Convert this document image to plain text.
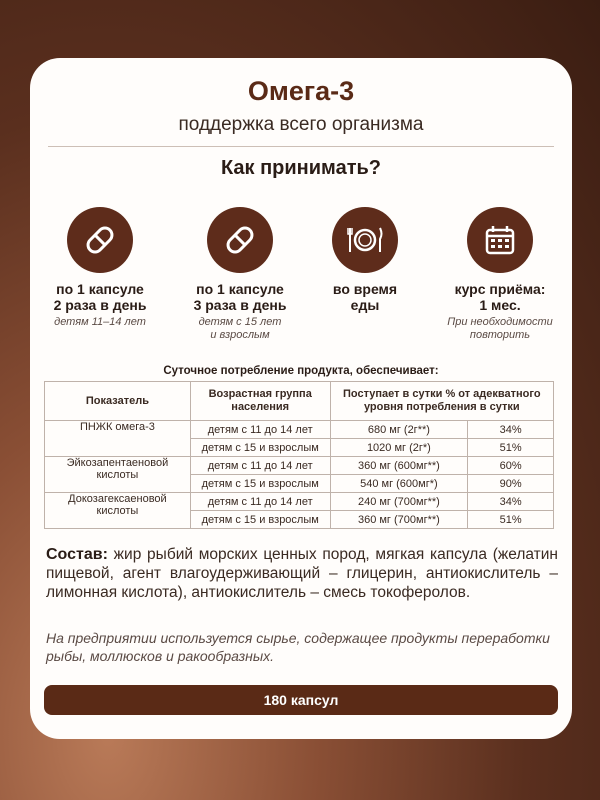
Омега-3
поддержка всего организма
Как принимать?
по 1 капсуле
2 раза в день
детям 11–14 лет
по 1 капсуле
3 раза в день
детям с 15 лет
и взрослым
во время
еды
курс приёма:
1 мес.
При необходимости
повторить
Суточное потребление продукта, обеспечивает:
Показатель	Возрастная группа населения	Поступает в сутки % от адекватного уровня потребления в сутки	
ПНЖК омега-3	детям с 11 до 14 лет	680 мг (2г**)	34%
	детям с 15 и взрослым	1020 мг (2г*)	51%
Эйкозапентаеновой кислоты	детям с 11 до 14 лет	360 мг (600мг**)	60%
	детям с 15 и взрослым	540 мг (600мг*)	90%
Докозагексаеновой кислоты	детям с 11 до 14 лет	240 мг (700мг**)	34%
	детям с 15 и взрослым	360 мг (700мг**)	51%
Состав: жир рыбий морских ценных пород, мягкая капсула (желатин пищевой, агент влагоудерживающий – глицерин, антиокислитель – лимонная кислота), антиокислитель – смесь токоферолов.
На предприятии используется сырье, содержащее продукты переработки рыбы, моллюсков и ракообразных.
180 капсул
